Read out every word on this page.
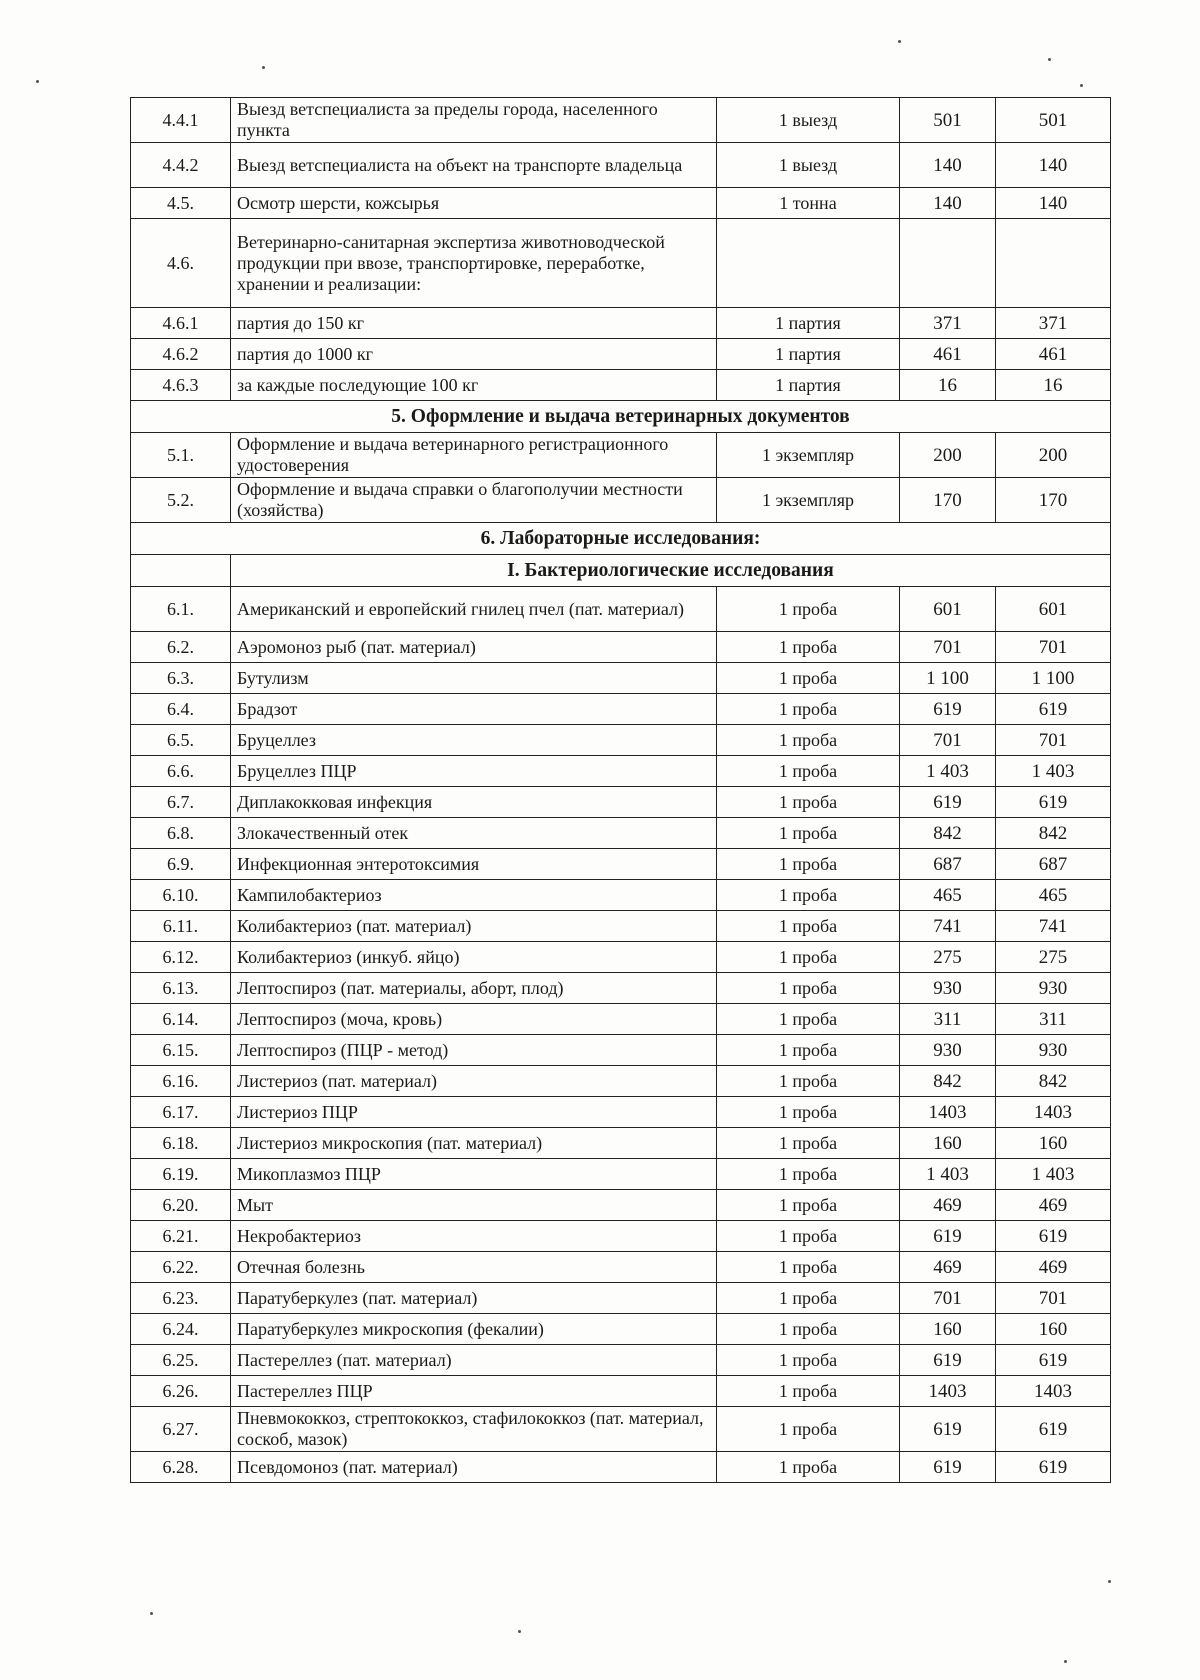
4.4.1	Выезд ветспециалиста за пределы города, населенного пункта	1 выезд	501	501
4.4.2	Выезд ветспециалиста на объект на транспорте владельца	1 выезд	140	140
4.5.	Осмотр шерсти, кожсырья	1 тонна	140	140
4.6.	Ветеринарно-санитарная экспертиза животноводческой продукции при ввозе, транспортировке, переработке, хранении и реализации:			
4.6.1	партия до 150 кг	1 партия	371	371
4.6.2	партия до 1000 кг	1 партия	461	461
4.6.3	за каждые последующие 100 кг	1 партия	16	16
5. Оформление и выдача ветеринарных документов				
5.1.	Оформление и выдача ветеринарного регистрационного удостоверения	1 экземпляр	200	200
5.2.	Оформление и выдача справки о благополучии местности (хозяйства)	1 экземпляр	170	170
6. Лабораторные исследования:				
	I. Бактериологические исследования			
6.1.	Американский и европейский гнилец пчел (пат. материал)	1 проба	601	601
6.2.	Аэромоноз рыб (пат. материал)	1 проба	701	701
6.3.	Бутулизм	1 проба	1 100	1 100
6.4.	Брадзот	1 проба	619	619
6.5.	Бруцеллез	1 проба	701	701
6.6.	Бруцеллез ПЦР	1 проба	1 403	1 403
6.7.	Диплакокковая инфекция	1 проба	619	619
6.8.	Злокачественный отек	1 проба	842	842
6.9.	Инфекционная энтеротоксимия	1 проба	687	687
6.10.	Кампилобактериоз	1 проба	465	465
6.11.	Колибактериоз (пат. материал)	1 проба	741	741
6.12.	Колибактериоз (инкуб. яйцо)	1 проба	275	275
6.13.	Лептоспироз (пат. материалы, аборт, плод)	1 проба	930	930
6.14.	Лептоспироз (моча, кровь)	1 проба	311	311
6.15.	Лептоспироз (ПЦР - метод)	1 проба	930	930
6.16.	Листериоз (пат. материал)	1 проба	842	842
6.17.	Листериоз ПЦР	1 проба	1403	1403
6.18.	Листериоз микроскопия (пат. материал)	1 проба	160	160
6.19.	Микоплазмоз ПЦР	1 проба	1 403	1 403
6.20.	Мыт	1 проба	469	469
6.21.	Некробактериоз	1 проба	619	619
6.22.	Отечная болезнь	1 проба	469	469
6.23.	Паратуберкулез (пат. материал)	1 проба	701	701
6.24.	Паратуберкулез микроскопия (фекалии)	1 проба	160	160
6.25.	Пастереллез (пат. материал)	1 проба	619	619
6.26.	Пастереллез ПЦР	1 проба	1403	1403
6.27.	Пневмококкоз, стрептококкоз, стафилококкоз (пат. материал, соскоб, мазок)	1 проба	619	619
6.28.	Псевдомоноз (пат. материал)	1 проба	619	619
